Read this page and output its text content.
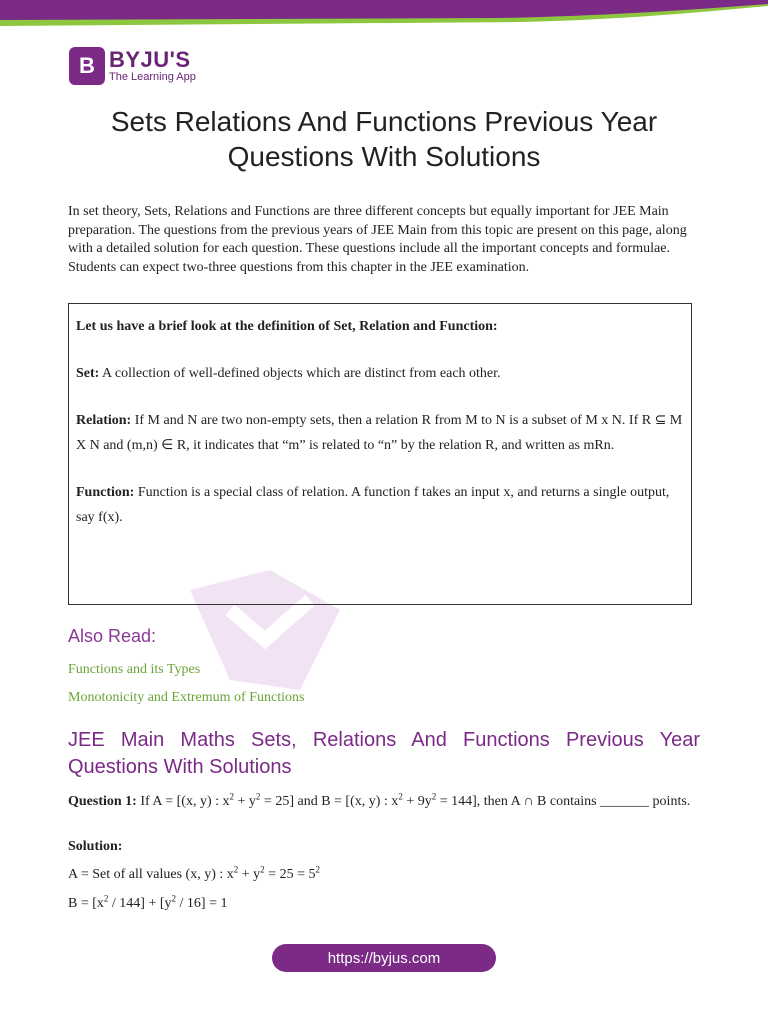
B BYJU'S
The Learning App
Sets Relations And Functions Previous Year
Questions With Solutions

In set theory, Sets, Relations and Functions are three different concepts but equally important for JEE Main preparation. The questions from the previous years of JEE Main from this topic are present on this page, along with a detailed solution for each question. These questions include all the important concepts and formulae. Students can expect two-three questions from this chapter in the JEE examination.

Let us have a brief look at the definition of Set, Relation and Function:

Set: A collection of well-defined objects which are distinct from each other.

Relation: If M and N are two non-empty sets, then a relation R from M to N is a subset of M x N. If R ⊆ M X N and (m,n) ∈ R, it indicates that “m” is related to “n” by the relation R, and written as mRn.

Function: Function is a special class of relation. A function f takes an input x, and returns a single output, say f(x).

Also Read:
Functions and its Types
Monotonicity and Extremum of Functions
JEE Main Maths Sets, Relations And Functions Previous Year Questions With Solutions

Question 1: If A = [(x, y) : $x^2 + y^2 = 25$] and B = [(x, y) : $x^2 + 9y^2 = 144$], then A ∩ B contains _______ points.

Solution:

A = Set of all values (x, y) : $x^2 + y^2 = 25 = 5^2$

$B = [x^2 / 144] + [y^2 / 16] = 1$

https://byjus.com
